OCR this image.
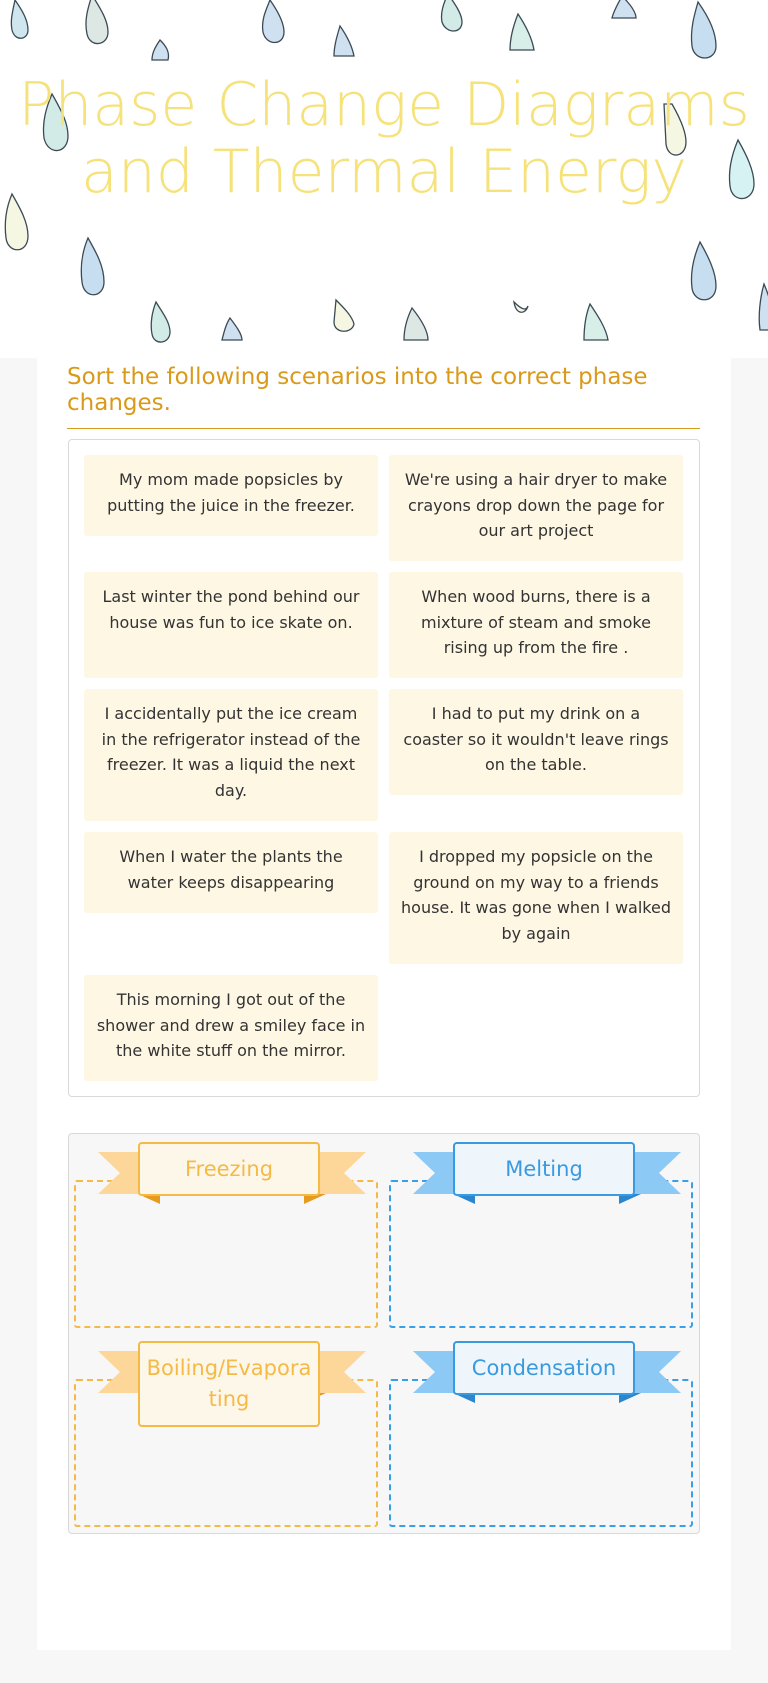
Phase Change Diagrams and Thermal Energy
Sort the following scenarios into the correct phase changes.
My mom made popsicles by putting the juice in the freezer.
We're using a hair dryer to make crayons drop down the page for our art project
Last winter the pond behind our house was fun to ice skate on.
When wood burns, there is a mixture of steam and smoke rising up from the fire .
I accidentally put the ice cream in the refrigerator instead of the freezer. It was a liquid the next day.
I had to put my drink on a coaster so it wouldn't leave rings on the table.
When I water the plants the water keeps disappearing
I dropped my popsicle on the ground on my way to a friends house. It was gone when I walked by again
This morning I got out of the shower and drew a smiley face in the white stuff on the mirror.
Freezing	Melting
Boiling/Evaporating
Condensation
